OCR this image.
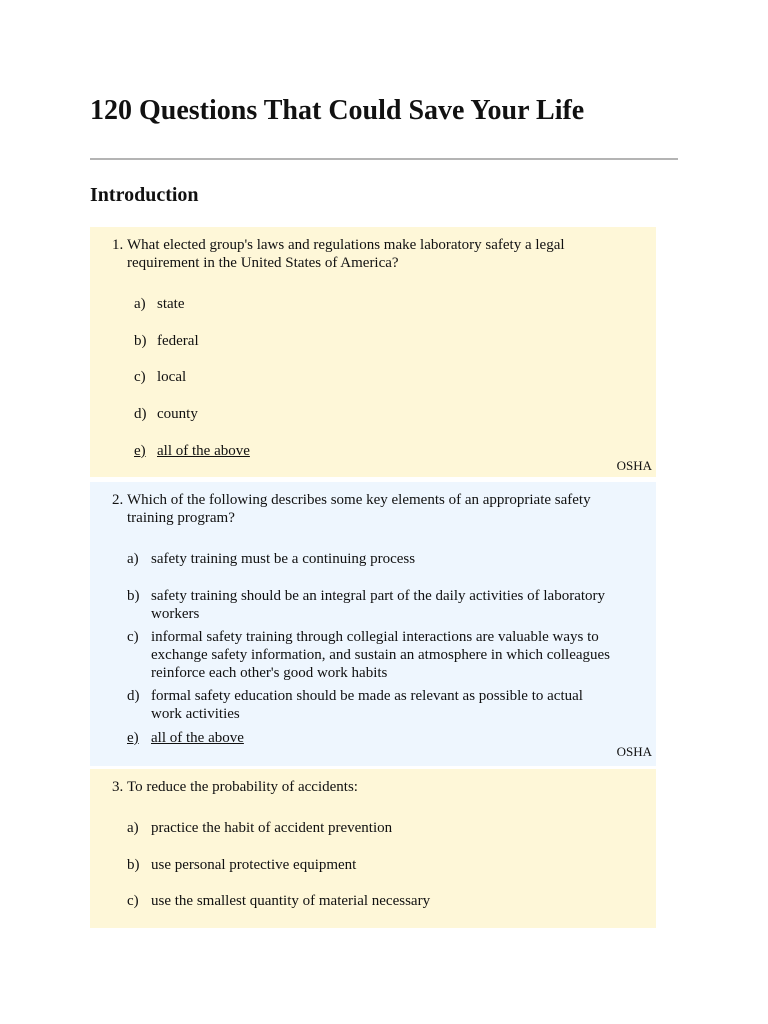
120 Questions That Could Save Your Life
Introduction
1. What elected group's laws and regulations make laboratory safety a legal requirement in the United States of America?
a) state
b) federal
c) local
d) county
e) all of the above
OSHA
2. Which of the following describes some key elements of an appropriate safety training program?
a) safety training must be a continuing process
b) safety training should be an integral part of the daily activities of laboratory workers
c) informal safety training through collegial interactions are valuable ways to exchange safety information, and sustain an atmosphere in which colleagues reinforce each other's good work habits
d) formal safety education should be made as relevant as possible to actual work activities
e) all of the above
OSHA
3. To reduce the probability of accidents:
a) practice the habit of accident prevention
b) use personal protective equipment
c) use the smallest quantity of material necessary
